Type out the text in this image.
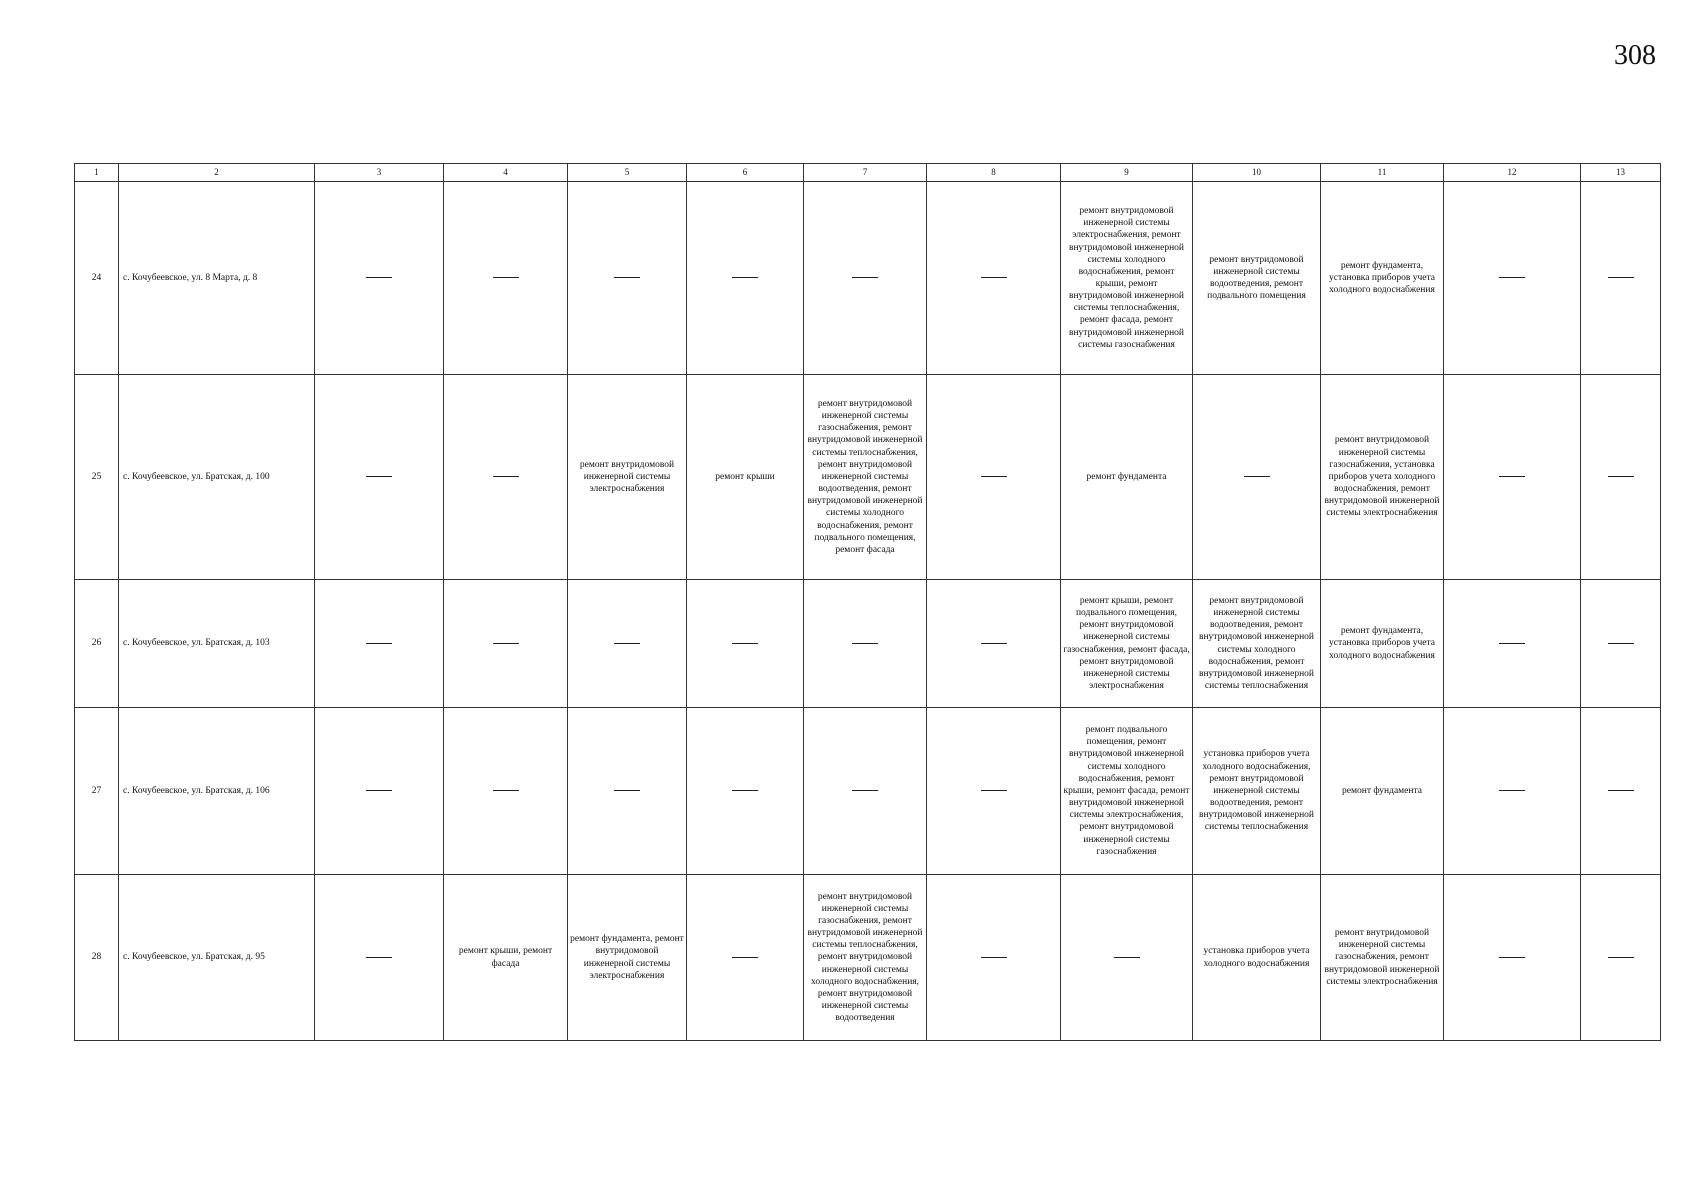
308
1	2	3	4	5	6	7	8	9	10	11	12	13
24	с. Кочубеевское, ул. 8 Марта, д. 8							ремонт внутридомовой инженерной системы электроснабжения, ремонт внутридомовой инженерной системы холодного водоснабжения, ремонт крыши, ремонт внутридомовой инженерной системы теплоснабжения, ремонт фасада, ремонт внутридомовой инженерной системы газоснабжения	ремонт внутридомовой инженерной системы водоотведения, ремонт подвального помещения	ремонт фундамента, установка приборов учета холодного водоснабжения		
25	с. Кочубеевское, ул. Братская, д. 100			ремонт внутридомовой инженерной системы электроснабжения	ремонт крыши	ремонт внутридомовой инженерной системы газоснабжения, ремонт внутридомовой инженерной системы теплоснабжения, ремонт внутридомовой инженерной системы водоотведения, ремонт внутридомовой инженерной системы холодного водоснабжения, ремонт подвального помещения, ремонт фасада		ремонт фундамента		ремонт внутридомовой инженерной системы газоснабжения, установка приборов учета холодного водоснабжения, ремонт внутридомовой инженерной системы электроснабжения		
26	с. Кочубеевское, ул. Братская, д. 103							ремонт крыши, ремонт подвального помещения, ремонт внутридомовой инженерной системы газоснабжения, ремонт фасада, ремонт внутридомовой инженерной системы электроснабжения	ремонт внутридомовой инженерной системы водоотведения, ремонт внутридомовой инженерной системы холодного водоснабжения, ремонт внутридомовой инженерной системы теплоснабжения	ремонт фундамента, установка приборов учета холодного водоснабжения		
27	с. Кочубеевское, ул. Братская, д. 106							ремонт подвального помещения, ремонт внутридомовой инженерной системы холодного водоснабжения, ремонт крыши, ремонт фасада, ремонт внутридомовой инженерной системы электроснабжения, ремонт внутридомовой инженерной системы газоснабжения	установка приборов учета холодного водоснабжения, ремонт внутридомовой инженерной системы водоотведения, ремонт внутридомовой инженерной системы теплоснабжения	ремонт фундамента		
28	с. Кочубеевское, ул. Братская, д. 95		ремонт крыши, ремонт фасада	ремонт фундамента, ремонт внутридомовой инженерной системы электроснабжения		ремонт внутридомовой инженерной системы газоснабжения, ремонт внутридомовой инженерной системы теплоснабжения, ремонт внутридомовой инженерной системы холодного водоснабжения, ремонт внутридомовой инженерной системы водоотведения			установка приборов учета холодного водоснабжения	ремонт внутридомовой инженерной системы газоснабжения, ремонт внутридомовой инженерной системы электроснабжения		
